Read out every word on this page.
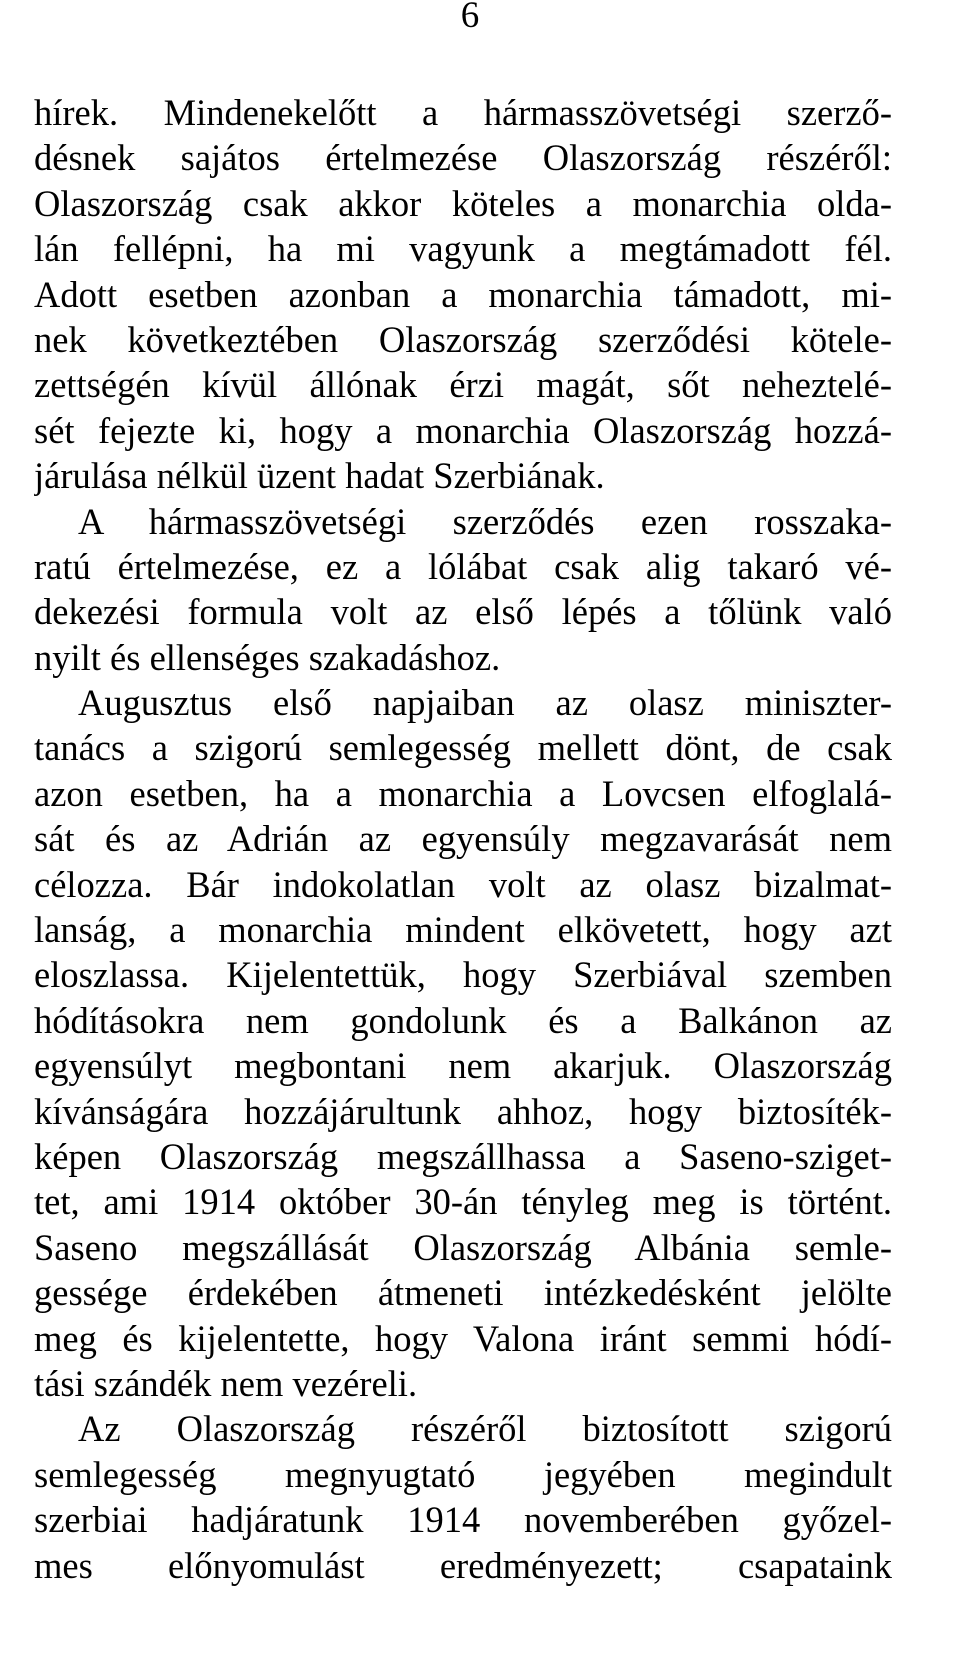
6
hírek. Mindenekelőtt a hármasszövetségi szerző-
désnek sajátos értelmezése Olaszország részéről:
Olaszország csak akkor köteles a monarchia olda-
lán fellépni, ha mi vagyunk a megtámadott fél.
Adott esetben azonban a monarchia támadott, mi-
nek következtében Olaszország szerződési kötele-
zettségén kívül állónak érzi magát, sőt neheztelé-
sét fejezte ki, hogy a monarchia Olaszország hozzá-
járulása nélkül üzent hadat Szerbiának.
A hármasszövetségi szerződés ezen rosszaka-
ratú értelmezése, ez a lólábat csak alig takaró vé-
dekezési formula volt az első lépés a tőlünk való
nyilt és ellenséges szakadáshoz.
Augusztus első napjaiban az olasz miniszter-
tanács a szigorú semlegesség mellett dönt, de csak
azon esetben, ha a monarchia a Lovcsen elfoglalá-
sát és az Adrián az egyensúly megzavarását nem
célozza. Bár indokolatlan volt az olasz bizalmat-
lanság, a monarchia mindent elkövetett, hogy azt
eloszlassa. Kijelentettük, hogy Szerbiával szemben
hódításokra nem gondolunk és a Balkánon az
egyensúlyt megbontani nem akarjuk. Olaszország
kívánságára hozzájárultunk ahhoz, hogy biztosíték-
képen Olaszország megszállhassa a Saseno-sziget-
tet, ami 1914 október 30-án tényleg meg is történt.
Saseno megszállását Olaszország Albánia semle-
gessége érdekében átmeneti intézkedésként jelölte
meg és kijelentette, hogy Valona iránt semmi hódí-
tási szándék nem vezéreli.
Az Olaszország részéről biztosított szigorú
semlegesség megnyugtató jegyében megindult
szerbiai hadjáratunk 1914 novemberében győzel-
mes előnyomulást eredményezett; csapataink
